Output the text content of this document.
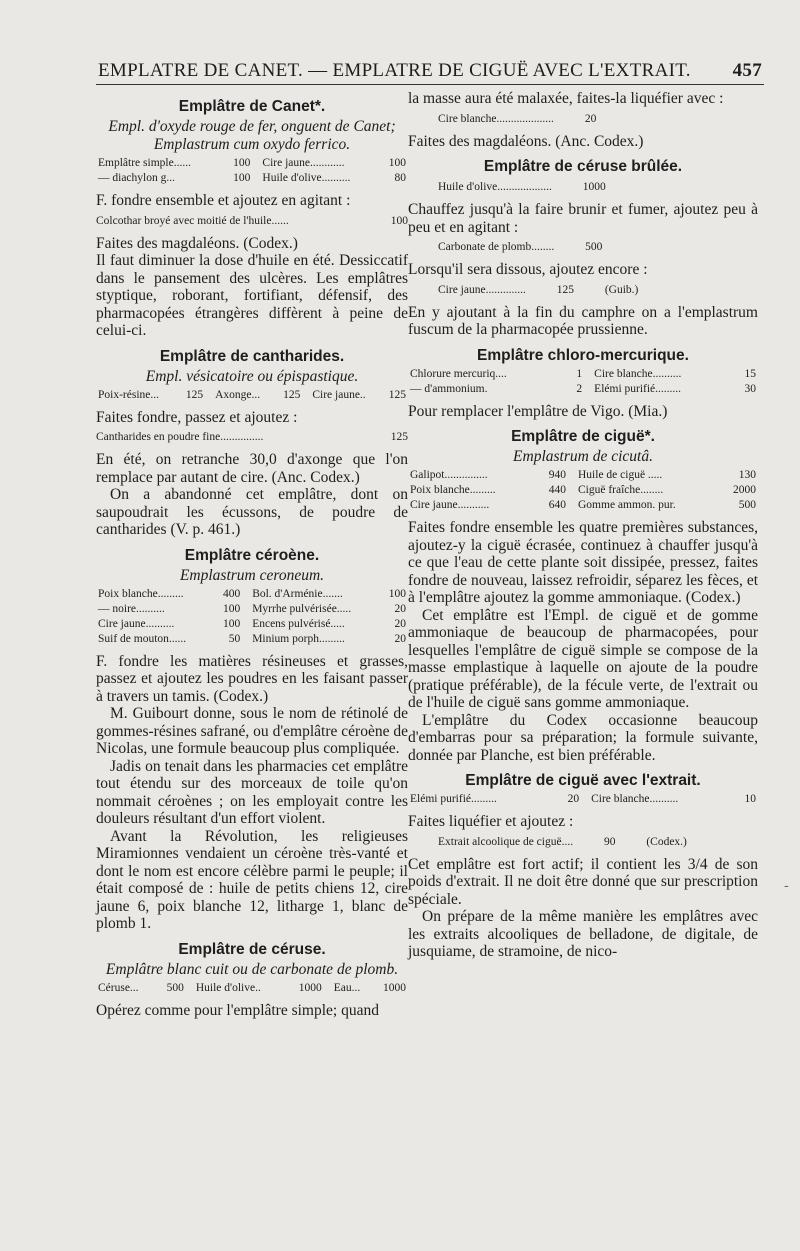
EMPLATRE DE CANET. — EMPLATRE DE CIGUË AVEC L'EXTRAIT. 457
Emplâtre de Canet*.
Empl. d'oxyde rouge de fer, onguent de Canet;
Emplastrum cum oxydo ferrico.
Emplâtre simple......	100	Cire jaune............	100
— diachylon g...	100	Huile d'olive..........	80

F. fondre ensemble et ajoutez en agitant :

Colcothar broyé avec moitié de l'huile......	100

Faites des magdaléons. (Codex.)

Il faut diminuer la dose d'huile en été. Dessiccatif dans le pansement des ulcères. Les emplâtres styptique, roborant, fortifiant, défensif, des pharmacopées étrangères diffèrent à peine de celui-ci.

Emplâtre de cantharides.
Empl. vésicatoire ou épispastique.
Poix-résine...	125	Axonge...	125	Cire jaune..	125

Faites fondre, passez et ajoutez :

Cantharides en poudre fine...............	125

En été, on retranche 30,0 d'axonge que l'on remplace par autant de cire. (Anc. Codex.)

On a abandonné cet emplâtre, dont on saupoudrait les écussons, de poudre de cantharides (V. p. 461.)

Emplâtre céroène.
Emplastrum ceroneum.
Poix blanche.........	400	Bol. d'Arménie.......	100
— noire..........	100	Myrrhe pulvérisée.....	20
Cire jaune..........	100	Encens pulvérisé.....	20
Suif de mouton......	50	Minium porph.........	20

F. fondre les matières résineuses et grasses, passez et ajoutez les poudres en les faisant passer à travers un tamis. (Codex.)

M. Guibourt donne, sous le nom de rétinolé de gommes-résines safrané, ou d'emplâtre céroène de Nicolas, une formule beaucoup plus compliquée.

Jadis on tenait dans les pharmacies cet emplâtre tout étendu sur des morceaux de toile qu'on nommait céroènes ; on les employait contre les douleurs résultant d'un effort violent.

Avant la Révolution, les religieuses Miramionnes vendaient un céroène très-vanté et dont le nom est encore célèbre parmi le peuple; il était composé de : huile de petits chiens 12, cire jaune 6, poix blanche 12, litharge 1, blanc de plomb 1.

Emplâtre de céruse.
Emplâtre blanc cuit ou de carbonate de plomb.
Céruse...	500	Huile d'olive..	1000	Eau...	1000

Opérez comme pour l'emplâtre simple; quand

la masse aura été malaxée, faites-la liquéfier avec :

Cire blanche....................	20

Faites des magdaléons. (Anc. Codex.)

Emplâtre de céruse brûlée.
Huile d'olive...................	1000

Chauffez jusqu'à la faire brunir et fumer, ajoutez peu à peu et en agitant :

Carbonate de plomb........	500

Lorsqu'il sera dissous, ajoutez encore :

Cire jaune..............	125	(Guib.)

En y ajoutant à la fin du camphre on a l'emplastrum fuscum de la pharmacopée prussienne.

Emplâtre chloro-mercurique.
Chlorure mercuriq....	1	Cire blanche..........	15
— d'ammonium.	2	Elémi purifié.........	30

Pour remplacer l'emplâtre de Vigo. (Mia.)

Emplâtre de ciguë*.
Emplastrum de cicutâ.
Galipot...............	940	Huile de ciguë .....	130
Poix blanche.........	440	Ciguë fraîche........	2000
Cire jaune...........	640	Gomme ammon. pur.	500

Faites fondre ensemble les quatre premières substances, ajoutez-y la ciguë écrasée, continuez à chauffer jusqu'à ce que l'eau de cette plante soit dissipée, pressez, faites fondre de nouveau, laissez refroidir, séparez les fèces, et à l'emplâtre ajoutez la gomme ammoniaque. (Codex.)

Cet emplâtre est l'Empl. de ciguë et de gomme ammoniaque de beaucoup de pharmacopées, pour lesquelles l'emplâtre de ciguë simple se compose de la masse emplastique à laquelle on ajoute de la poudre (pratique préférable), de la fécule verte, de l'extrait ou de l'huile de ciguë sans gomme ammoniaque.

L'emplâtre du Codex occasionne beaucoup d'embarras pour sa préparation; la formule suivante, donnée par Planche, est bien préférable.

Emplâtre de ciguë avec l'extrait.
Elémi purifié.........	20	Cire blanche..........	10

Faites liquéfier et ajoutez :

Extrait alcoolique de ciguë....	90	(Codex.)

Cet emplâtre est fort actif; il contient les 3/4 de son poids d'extrait. Il ne doit être donné que sur prescription spéciale.

On prépare de la même manière les emplâtres avec les extraits alcooliques de belladone, de digitale, de jusquiame, de stramoine, de nico-

-
